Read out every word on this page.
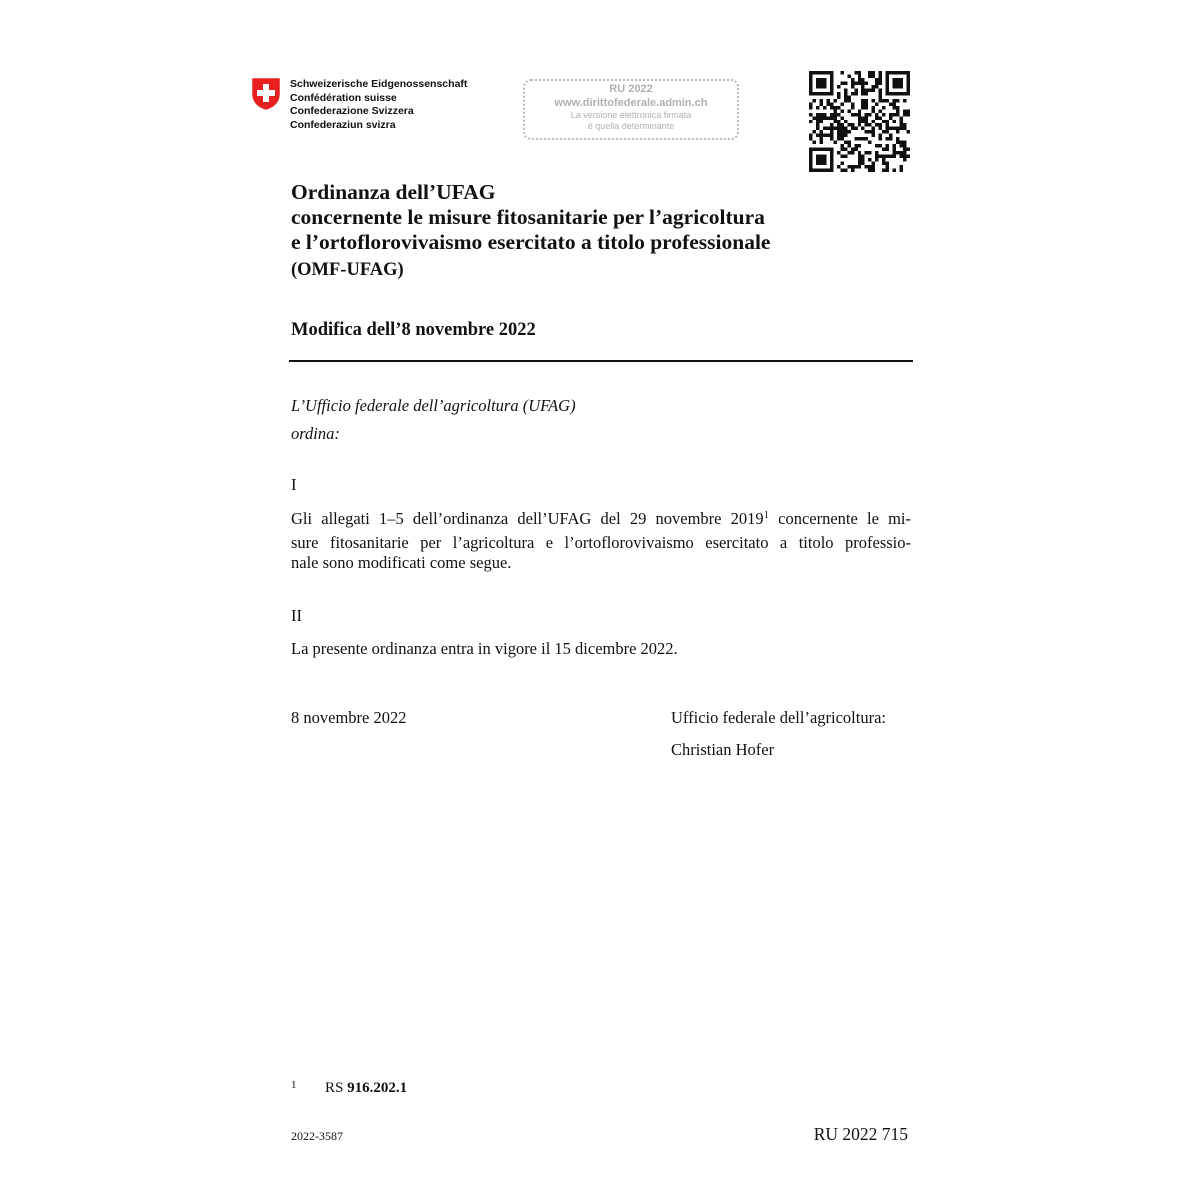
Schweizerische Eidgenossenschaft
Confédération suisse
Confederazione Svizzera
Confederaziun svizra
RU 2022
www.dirittofederale.admin.ch
La versione elettronica firmata
è quella determinante
Ordinanza dell’UFAG
concernente le misure fitosanitarie per l’agricoltura
e l’ortoflorovivaismo esercitato a titolo professionale
(OMF-UFAG)
Modifica dell’8 novembre 2022
L’Ufficio federale dell’agricoltura (UFAG)
ordina:
I
Gli allegati 1–5 dell’ordinanza dell’UFAG del 29 novembre 2019$^1$ concernente le mi-
sure fitosanitarie per l’agricoltura e l’ortoflorovivaismo esercitato a titolo professio-
nale sono modificati come segue.
II
La presente ordinanza entra in vigore il 15 dicembre 2022.
8 novembre 2022	Ufficio federale dell’agricoltura:
Christian Hofer
1 RS 916.202.1
2022-3587	RU 2022 715
